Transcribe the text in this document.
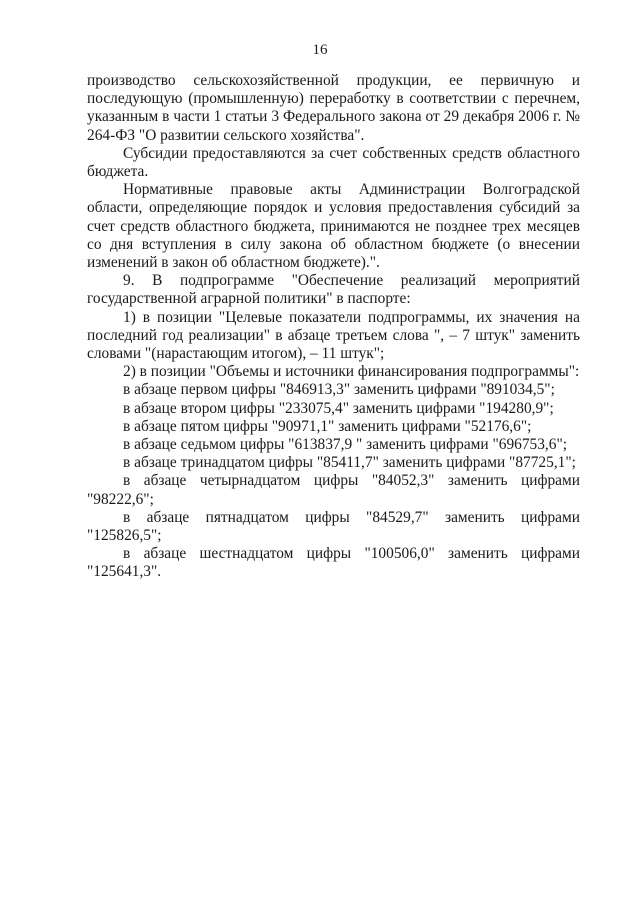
16

производство сельскохозяйственной продукции, ее первичную и последующую (промышленную) переработку в соответствии с перечнем, указанным в части 1 статьи 3 Федерального закона от 29 декабря 2006 г. № 264-ФЗ "О развитии сельского хозяйства".

Субсидии предоставляются за счет собственных средств областного бюджета.

Нормативные правовые акты Администрации Волгоградской области, определяющие порядок и условия предоставления субсидий за счет средств областного бюджета, принимаются не позднее трех месяцев со дня вступления в силу закона об областном бюджете (о внесении изменений в закон об областном бюджете).".

9. В подпрограмме "Обеспечение реализаций мероприятий государственной аграрной политики" в паспорте:

1) в позиции "Целевые показатели подпрограммы, их значения на последний год реализации" в абзаце третьем слова ", – 7 штук" заменить словами "(нарастающим итогом), – 11 штук";

2) в позиции "Объемы и источники финансирования подпрограммы":

в абзаце первом цифры "846913,3" заменить цифрами "891034,5";

в абзаце втором цифры "233075,4" заменить цифрами "194280,9";

в абзаце пятом цифры "90971,1" заменить цифрами "52176,6";

в абзаце седьмом цифры "613837,9 " заменить цифрами "696753,6";

в абзаце тринадцатом цифры "85411,7" заменить цифрами "87725,1";

в абзаце четырнадцатом цифры "84052,3" заменить цифрами "98222,6";

в абзаце пятнадцатом цифры "84529,7" заменить цифрами "125826,5";

в абзаце шестнадцатом цифры "100506,0" заменить цифрами "125641,3".
